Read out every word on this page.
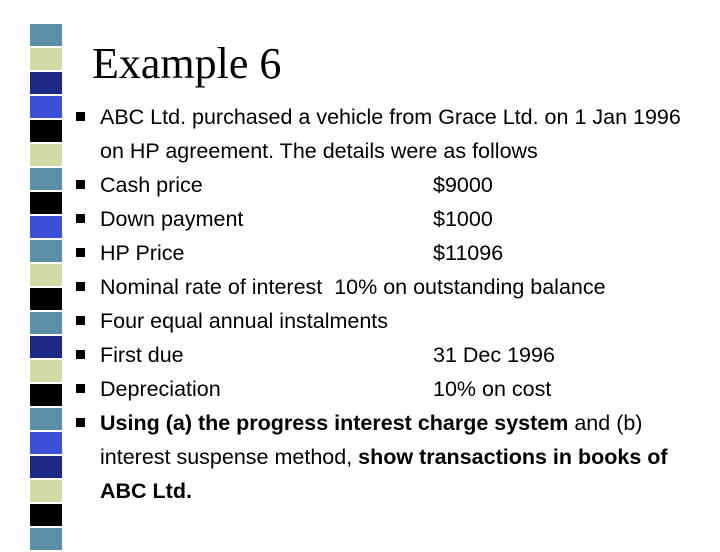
Example 6
ABC Ltd. purchased a vehicle from Grace Ltd. on 1 Jan 1996 on HP agreement. The details were as follows
Cash price	$9000
Down payment	$1000
HP Price	$11096
Nominal rate of interest  10% on outstanding balance
Four equal annual instalments
First due	31 Dec 1996
Depreciation	10% on cost
Using (a) the progress interest charge system and (b) interest suspense method, show transactions in books of ABC Ltd.
